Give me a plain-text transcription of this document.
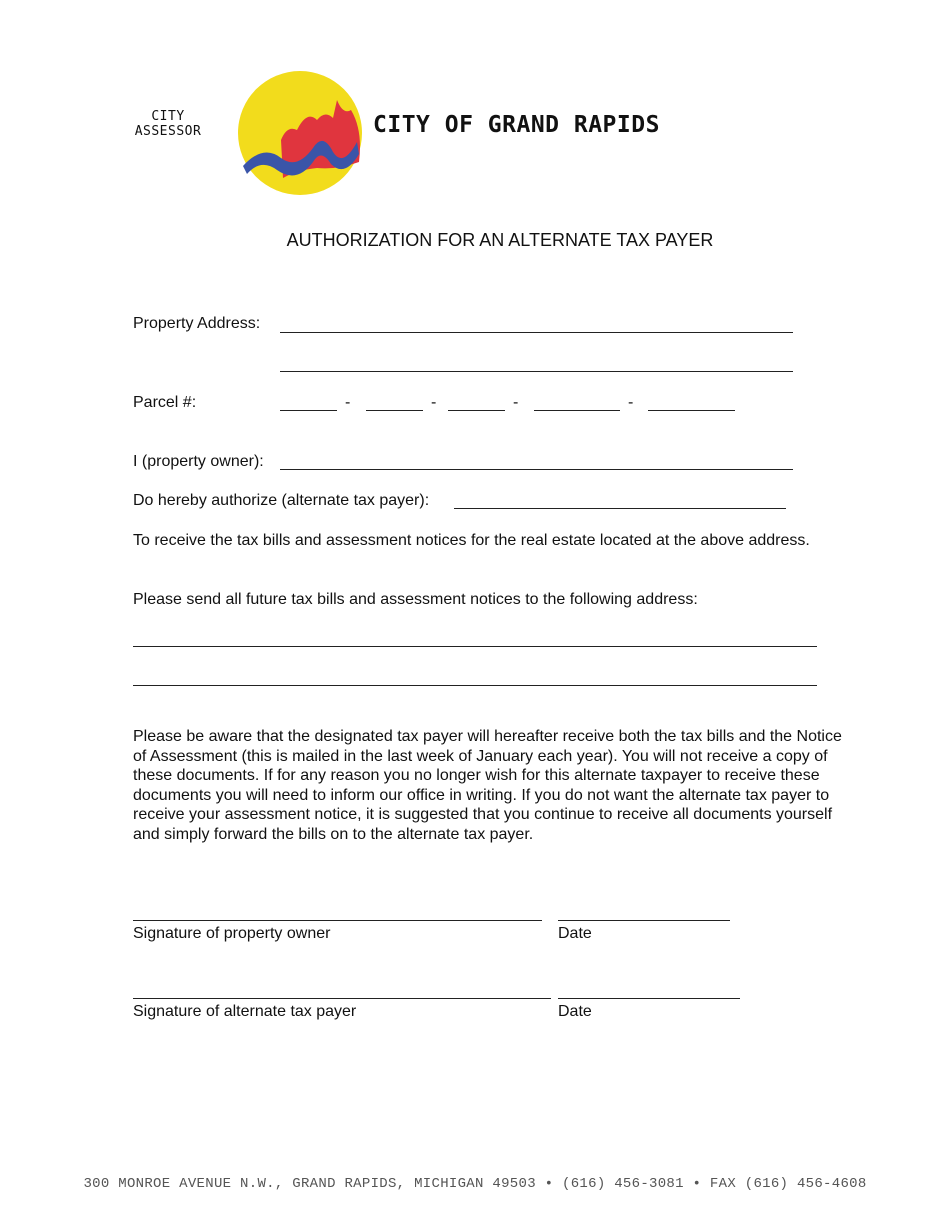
CITY
ASSESSOR	CITY OF GRAND RAPIDS
AUTHORIZATION FOR AN ALTERNATE TAX PAYER
Property Address:
Parcel #:	-	-	-	-
I (property owner):
Do hereby authorize (alternate tax payer):
To receive the tax bills and assessment notices for the real estate located at the above address.
Please send all future tax bills and assessment notices to the following address:
Please be aware that the designated tax payer will hereafter receive both the tax bills and the Notice of Assessment (this is mailed in the last week of January each year). You will not receive a copy of these documents. If for any reason you no longer wish for this alternate taxpayer to receive these documents you will need to inform our office in writing. If you do not want the alternate tax payer to receive your assessment notice, it is suggested that you continue to receive all documents yourself and simply forward the bills on to the alternate tax payer.
Signature of property owner	Date
Signature of alternate tax payer	Date
300 MONROE AVENUE N.W., GRAND RAPIDS, MICHIGAN 49503 • (616) 456-3081 • FAX (616) 456-4608
